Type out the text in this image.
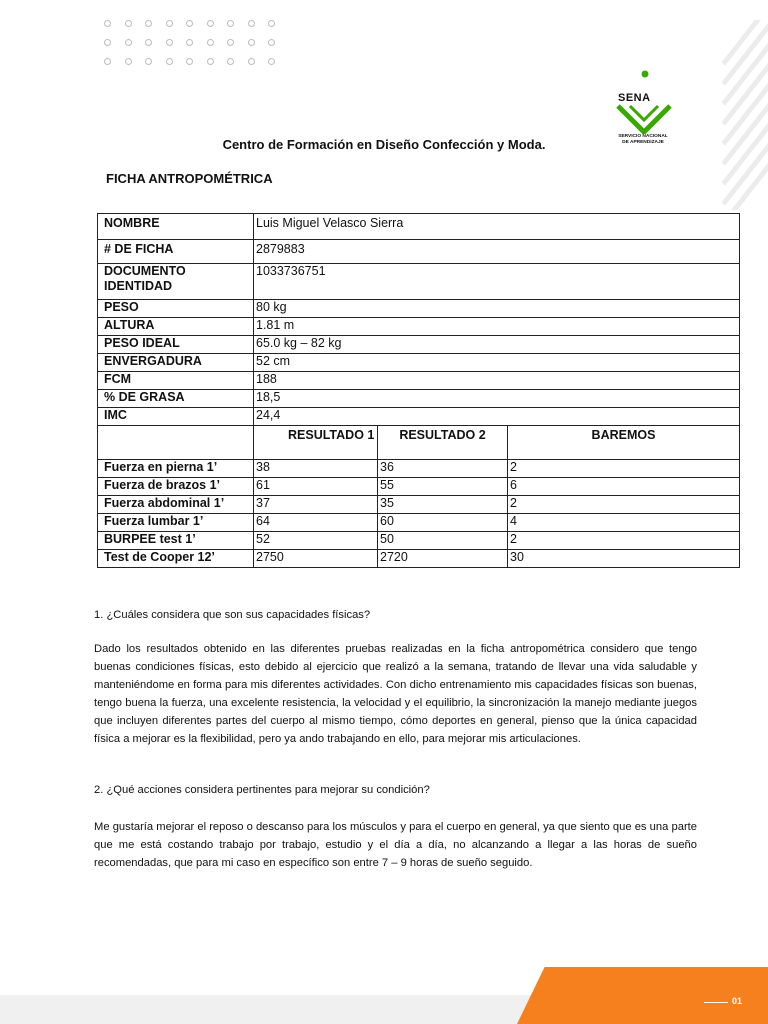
SENA
SERVICIO NACIONAL
DE APRENDIZAJE
Centro de Formación en Diseño Confección y Moda.
FICHA ANTROPOMÉTRICA
NOMBRE	Luis Miguel Velasco Sierra		
# DE FICHA	2879883		
DOCUMENTO IDENTIDAD	1033736751		
PESO	80 kg		
ALTURA	1.81 m		
PESO IDEAL	65.0 kg – 82 kg		
ENVERGADURA	52 cm		
FCM	188		
% DE GRASA	18,5		
IMC	24,4		
	RESULTADO 1	RESULTADO 2	BAREMOS
Fuerza en pierna 1’	38	36	2
Fuerza de brazos 1’	61	55	6
Fuerza abdominal 1’	37	35	2
Fuerza lumbar 1’	64	60	4
BURPEE test 1’	52	50	2
Test de Cooper 12’	2750	2720	30
1. ¿Cuáles considera que son sus capacidades físicas?
Dado los resultados obtenido en las diferentes pruebas realizadas en la ficha antropométrica considero que tengo buenas condiciones físicas, esto debido al ejercicio que realizó a la semana, tratando de llevar una vida saludable y manteniéndome en forma para mis diferentes actividades. Con dicho entrenamiento mis capacidades físicas son buenas, tengo buena la fuerza, una excelente resistencia, la velocidad y el equilibrio, la sincronización la manejo mediante juegos que incluyen diferentes partes del cuerpo al mismo tiempo, cómo deportes en general, pienso que la única capacidad física a mejorar es la flexibilidad, pero ya ando trabajando en ello, para mejorar mis articulaciones.
2. ¿Qué acciones considera pertinentes para mejorar su condición?
Me gustaría mejorar el reposo o descanso para los músculos y para el cuerpo en general, ya que siento que es una parte que me está costando trabajo por trabajo, estudio y el día a día, no alcanzando a llegar a las horas de sueño recomendadas, que para mi caso en específico son entre 7 – 9 horas de sueño seguido.
01
